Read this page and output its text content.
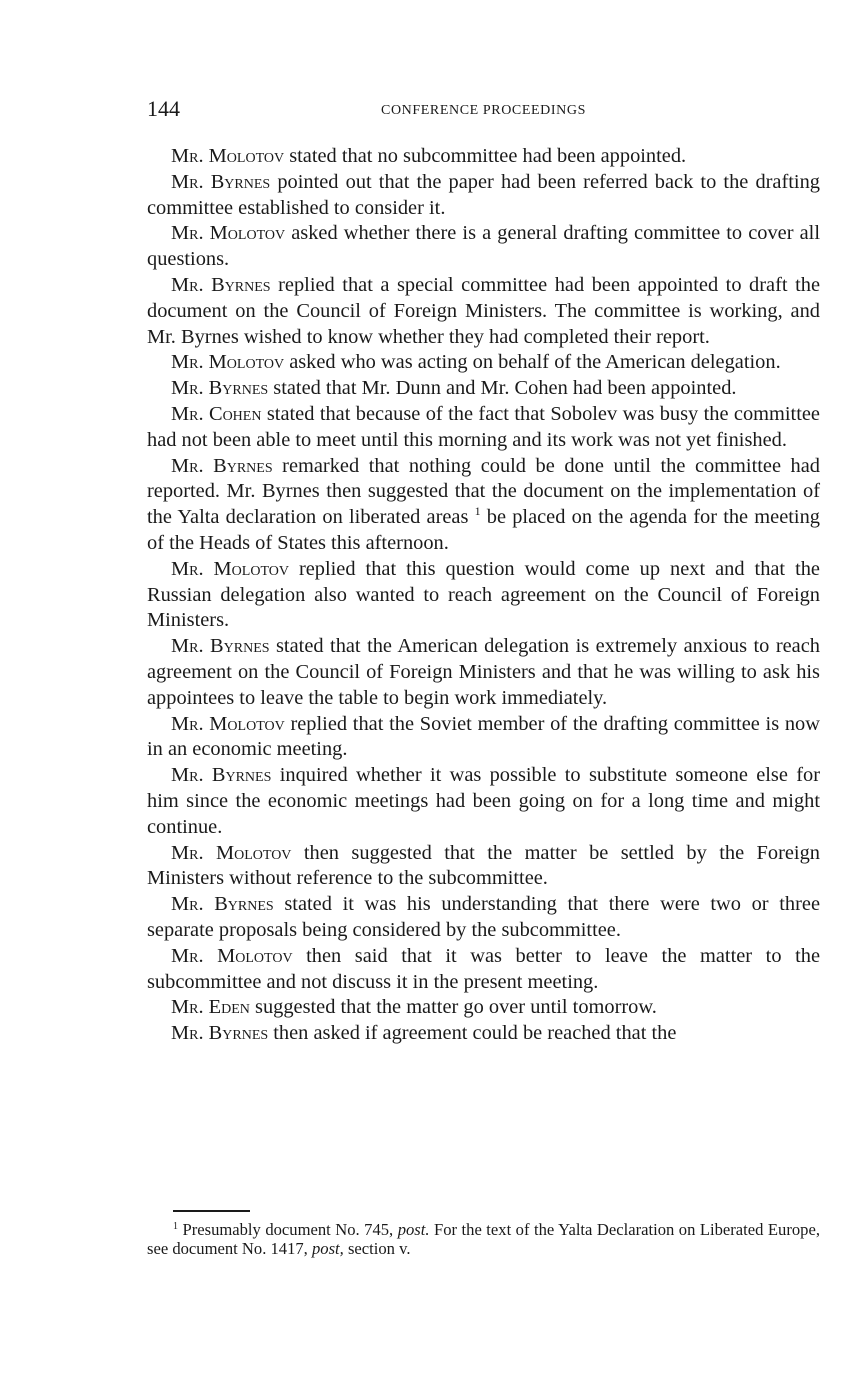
144	CONFERENCE PROCEEDINGS

Mr. Molotov stated that no subcommittee had been appointed.

Mr. Byrnes pointed out that the paper had been referred back to the drafting committee established to consider it.

Mr. Molotov asked whether there is a general drafting committee to cover all questions.

Mr. Byrnes replied that a special committee had been appointed to draft the document on the Council of Foreign Ministers. The committee is working, and Mr. Byrnes wished to know whether they had completed their report.

Mr. Molotov asked who was acting on behalf of the American delegation.

Mr. Byrnes stated that Mr. Dunn and Mr. Cohen had been appointed.

Mr. Cohen stated that because of the fact that Sobolev was busy the committee had not been able to meet until this morning and its work was not yet finished.

Mr. Byrnes remarked that nothing could be done until the committee had reported. Mr. Byrnes then suggested that the document on the implementation of the Yalta declaration on liberated areas $^1$ be placed on the agenda for the meeting of the Heads of States this afternoon.

Mr. Molotov replied that this question would come up next and that the Russian delegation also wanted to reach agreement on the Council of Foreign Ministers.

Mr. Byrnes stated that the American delegation is extremely anxious to reach agreement on the Council of Foreign Ministers and that he was willing to ask his appointees to leave the table to begin work immediately.

Mr. Molotov replied that the Soviet member of the drafting committee is now in an economic meeting.

Mr. Byrnes inquired whether it was possible to substitute someone else for him since the economic meetings had been going on for a long time and might continue.

Mr. Molotov then suggested that the matter be settled by the Foreign Ministers without reference to the subcommittee.

Mr. Byrnes stated it was his understanding that there were two or three separate proposals being considered by the subcommittee.

Mr. Molotov then said that it was better to leave the matter to the subcommittee and not discuss it in the present meeting.

Mr. Eden suggested that the matter go over until tomorrow.

Mr. Byrnes then asked if agreement could be reached that the

$^1$ Presumably document No. 745, post. For the text of the Yalta Declaration on Liberated Europe, see document No. 1417, post, section v.
